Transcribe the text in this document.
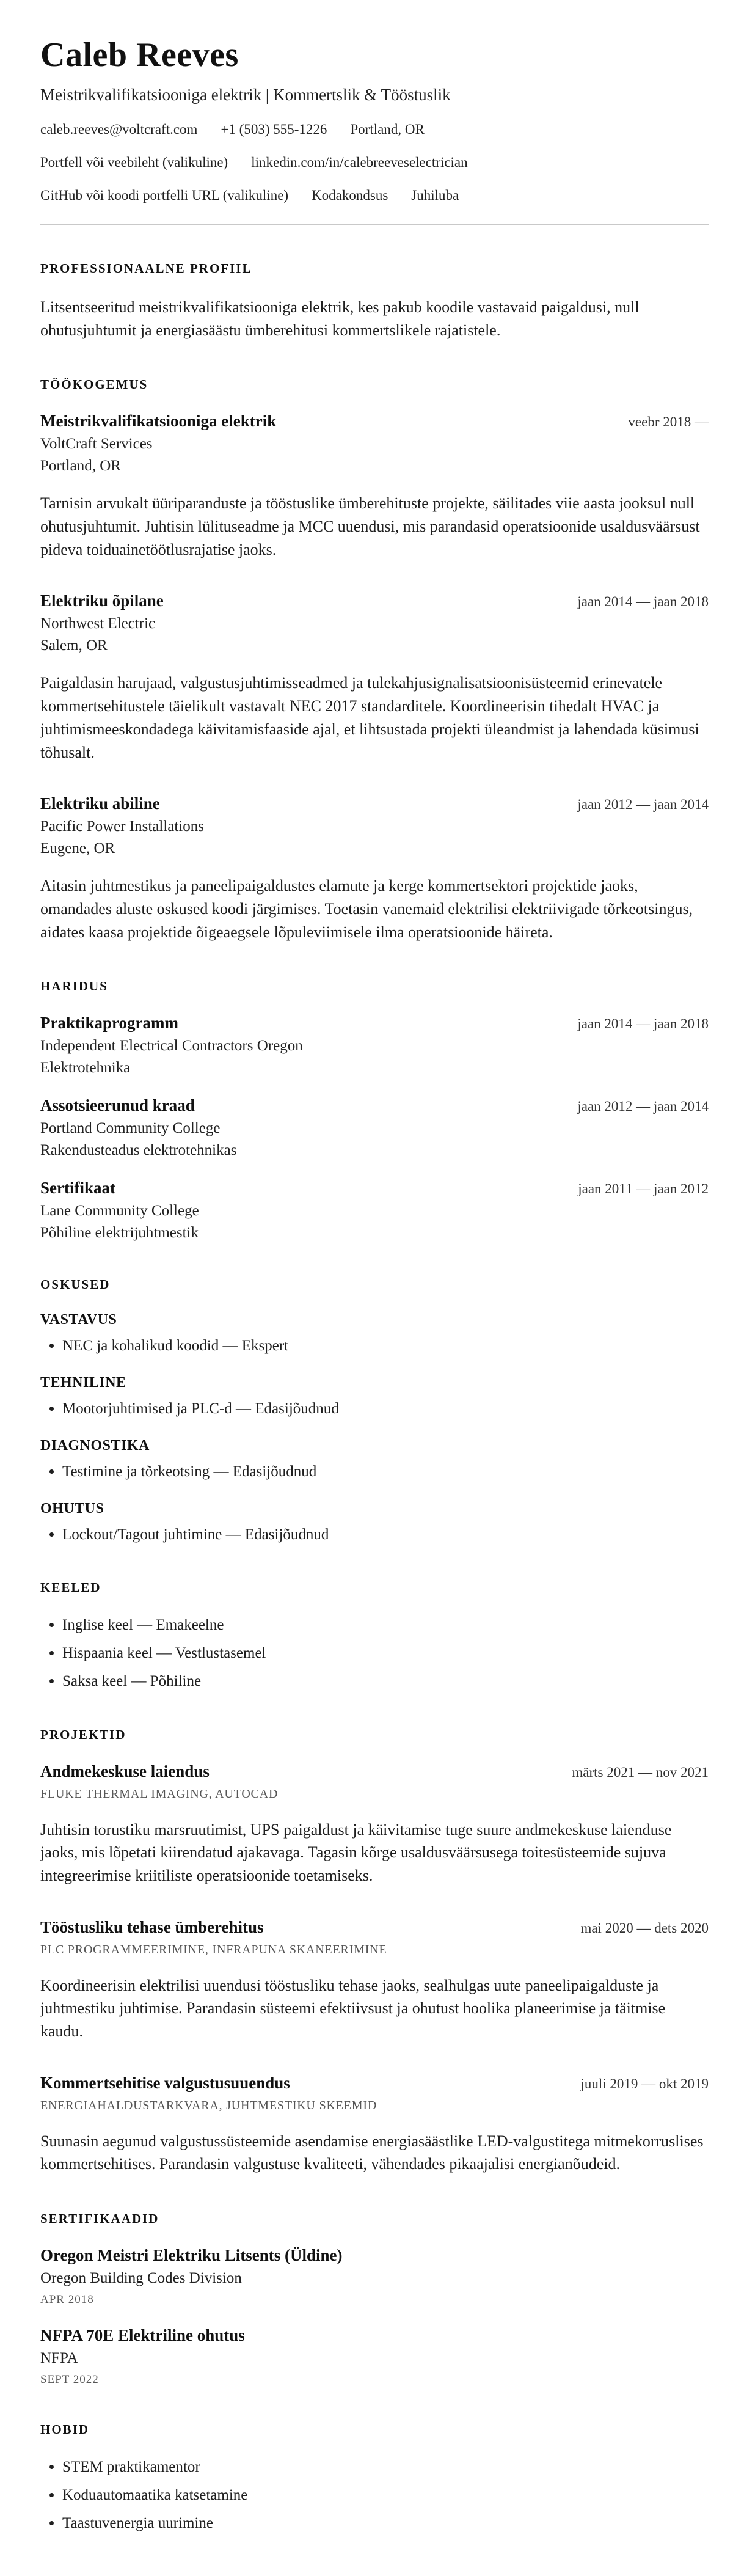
Caleb Reeves
Meistrikvalifikatsiooniga elektrik | Kommertslik & Tööstuslik
caleb.reeves@voltcraft.com +1 (503) 555-1226 Portland, OR
Portfell või veebileht (valikuline) linkedin.com/in/calebreeveselectrician
GitHub või koodi portfelli URL (valikuline) Kodakondsus Juhiluba
PROFESSIONAALNE PROFIIL

Litsentseeritud meistrikvalifikatsiooniga elektrik, kes pakub koodile vastavaid paigaldusi, null ohutusjuhtumit ja energiasäästu ümberehitusi kommertslikele rajatistele.

TÖÖKOGEMUS
Meistrikvalifikatsiooniga elektrik	veebr 2018 —
VoltCraft Services
Portland, OR

Tarnisin arvukalt üüriparanduste ja tööstuslike ümberehituste projekte, säilitades viie aasta jooksul null ohutusjuhtumit. Juhtisin lülituseadme ja MCC uuendusi, mis parandasid operatsioonide usaldusväärsust pideva toiduainetöötlusrajatise jaoks.

Elektriku õpilane	jaan 2014 — jaan 2018
Northwest Electric
Salem, OR

Paigaldasin harujaad, valgustusjuhtimisseadmed ja tulekahjusignalisatsioonisüsteemid erinevatele kommertsehitustele täielikult vastavalt NEC 2017 standarditele. Koordineerisin tihedalt HVAC ja juhtimismeeskondadega käivitamisfaaside ajal, et lihtsustada projekti üleandmist ja lahendada küsimusi tõhusalt.

Elektriku abiline	jaan 2012 — jaan 2014
Pacific Power Installations
Eugene, OR

Aitasin juhtmestikus ja paneelipaigaldustes elamute ja kerge kommertsektori projektide jaoks, omandades aluste oskused koodi järgimises. Toetasin vanemaid elektrilisi elektriivigade tõrkeotsingus, aidates kaasa projektide õigeaegsele lõpuleviimisele ilma operatsioonide häireta.

HARIDUS
Praktikaprogramm	jaan 2014 — jaan 2018
Independent Electrical Contractors Oregon
Elektrotehnika
Assotsieerunud kraad	jaan 2012 — jaan 2014
Portland Community College
Rakendusteadus elektrotehnikas
Sertifikaat	jaan 2011 — jaan 2012
Lane Community College
Põhiline elektrijuhtmestik
OSKUSED
VASTAVUS
• NEC ja kohalikud koodid — Ekspert
TEHNILINE
• Mootorjuhtimised ja PLC-d — Edasijõudnud
DIAGNOSTIKA
• Testimine ja tõrkeotsing — Edasijõudnud
OHUTUS
• Lockout/Tagout juhtimine — Edasijõudnud
KEELED
• Inglise keel — Emakeelne
• Hispaania keel — Vestlustasemel
• Saksa keel — Põhiline
PROJEKTID
Andmekeskuse laiendus	märts 2021 — nov 2021
FLUKE THERMAL IMAGING, AUTOCAD

Juhtisin torustiku marsruutimist, UPS paigaldust ja käivitamise tuge suure andmekeskuse laienduse jaoks, mis lõpetati kiirendatud ajakavaga. Tagasin kõrge usaldusväärsusega toitesüsteemide sujuva integreerimise kriitiliste operatsioonide toetamiseks.

Tööstusliku tehase ümberehitus	mai 2020 — dets 2020
PLC PROGRAMMEERIMINE, INFRAPUNA SKANEERIMINE

Koordineerisin elektrilisi uuendusi tööstusliku tehase jaoks, sealhulgas uute paneelipaigalduste ja juhtmestiku juhtimise. Parandasin süsteemi efektiivsust ja ohutust hoolika planeerimise ja täitmise kaudu.

Kommertsehitise valgustusuuendus	juuli 2019 — okt 2019
ENERGIAHALDUSTARKVARA, JUHTMESTIKU SKEEMID

Suunasin aegunud valgustussüsteemide asendamise energiasäästlike LED-valgustitega mitmekorruslises kommertsehitises. Parandasin valgustuse kvaliteeti, vähendades pikaajalisi energianõudeid.

SERTIFIKAADID
Oregon Meistri Elektriku Litsents (Üldine)
Oregon Building Codes Division
APR 2018
NFPA 70E Elektriline ohutus
NFPA
SEPT 2022
HOBID
• STEM praktikamentor
• Koduautomaatika katsetamine
• Taastuvenergia uurimine
